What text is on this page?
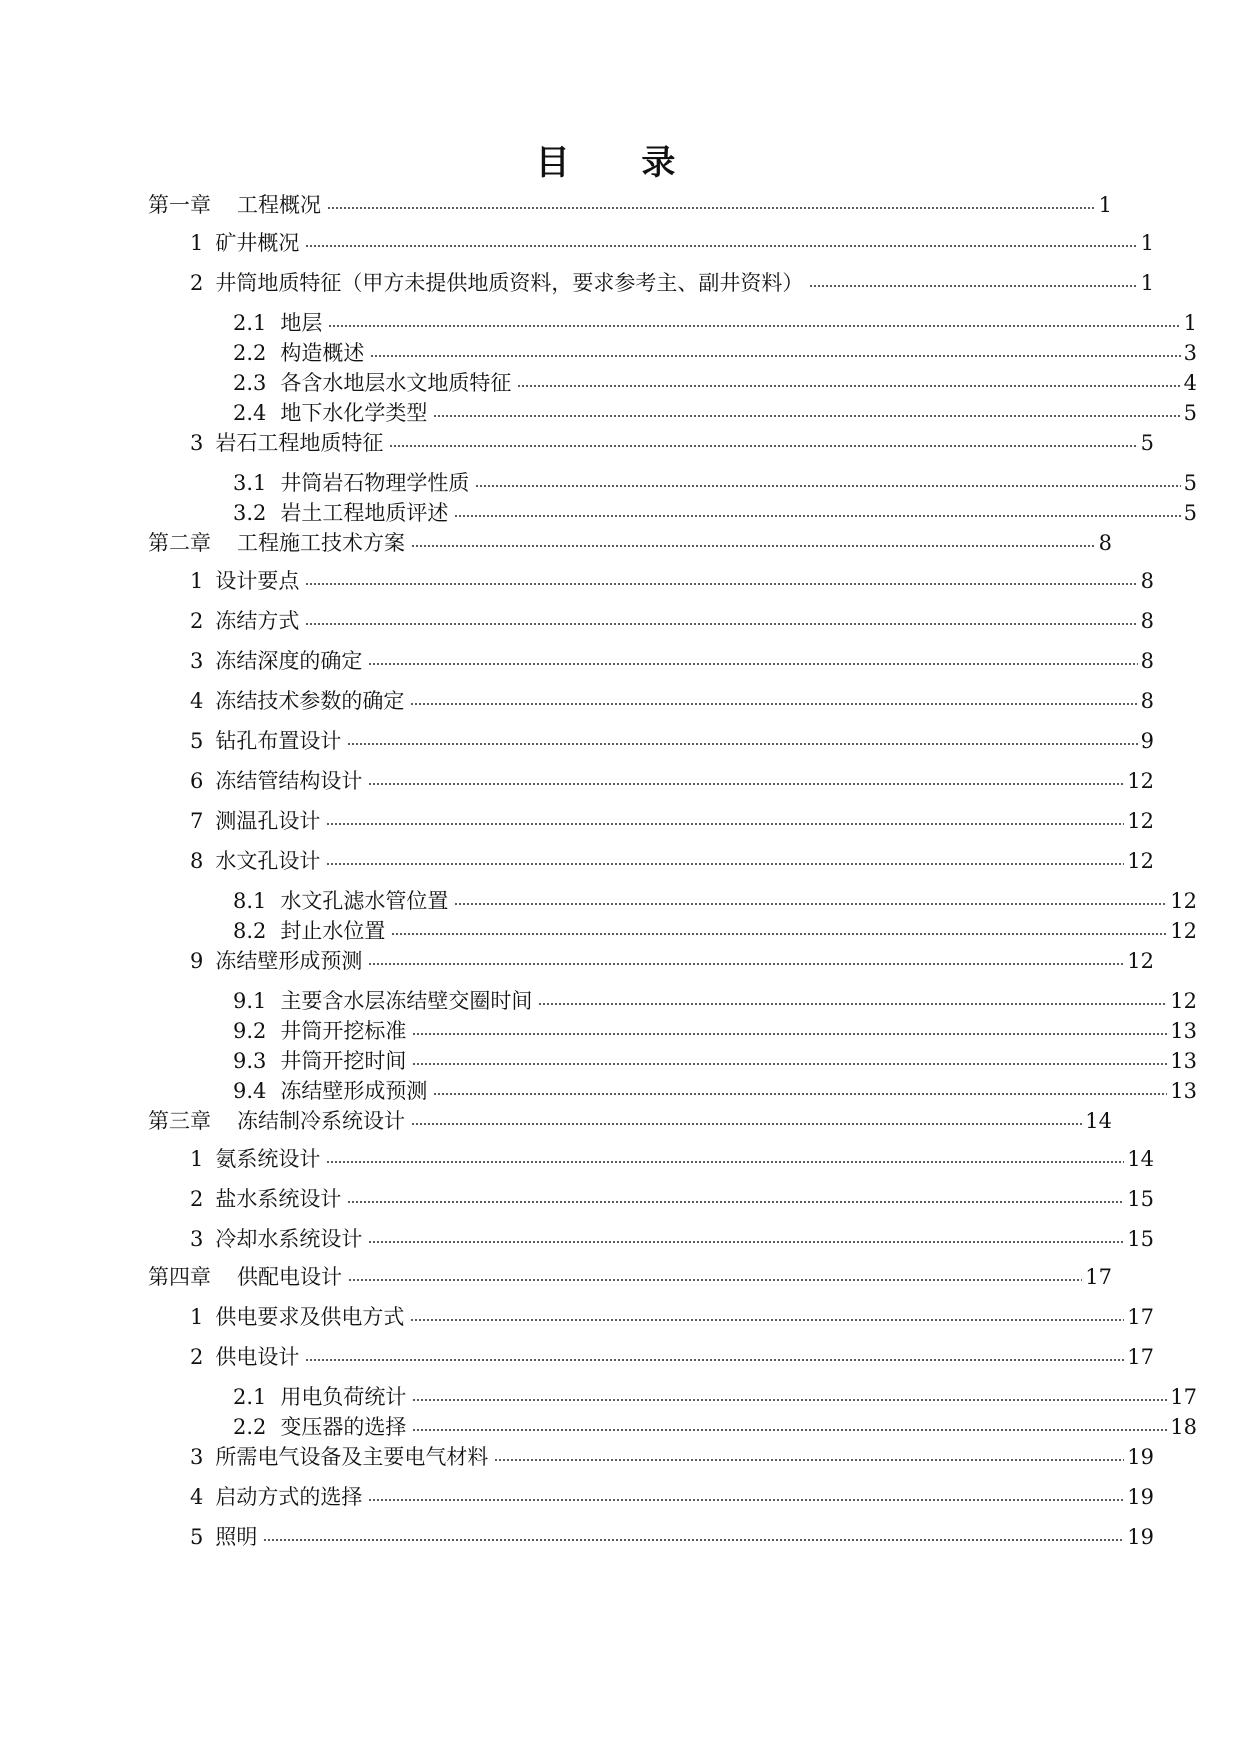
目 录
第一章 工程概况	1
1 矿井概况	1
2 井筒地质特征（甲方未提供地质资料，要求参考主、副井资料）	1
2.1 地层	1
2.2 构造概述	3
2.3 各含水地层水文地质特征	4
2.4 地下水化学类型	5
3 岩石工程地质特征	5
3.1 井筒岩石物理学性质	5
3.2 岩土工程地质评述	5
第二章 工程施工技术方案	8
1 设计要点	8
2 冻结方式	8
3 冻结深度的确定	8
4 冻结技术参数的确定	8
5 钻孔布置设计	9
6 冻结管结构设计	12
7 测温孔设计	12
8 水文孔设计	12
8.1 水文孔滤水管位置	12
8.2 封止水位置	12
9 冻结壁形成预测	12
9.1 主要含水层冻结壁交圈时间	12
9.2 井筒开挖标准	13
9.3 井筒开挖时间	13
9.4 冻结壁形成预测	13
第三章 冻结制冷系统设计	14
1 氨系统设计	14
2 盐水系统设计	15
3 冷却水系统设计	15
第四章 供配电设计	17
1 供电要求及供电方式	17
2 供电设计	17
2.1 用电负荷统计	17
2.2 变压器的选择	18
3 所需电气设备及主要电气材料	19
4 启动方式的选择	19
5 照明	19
